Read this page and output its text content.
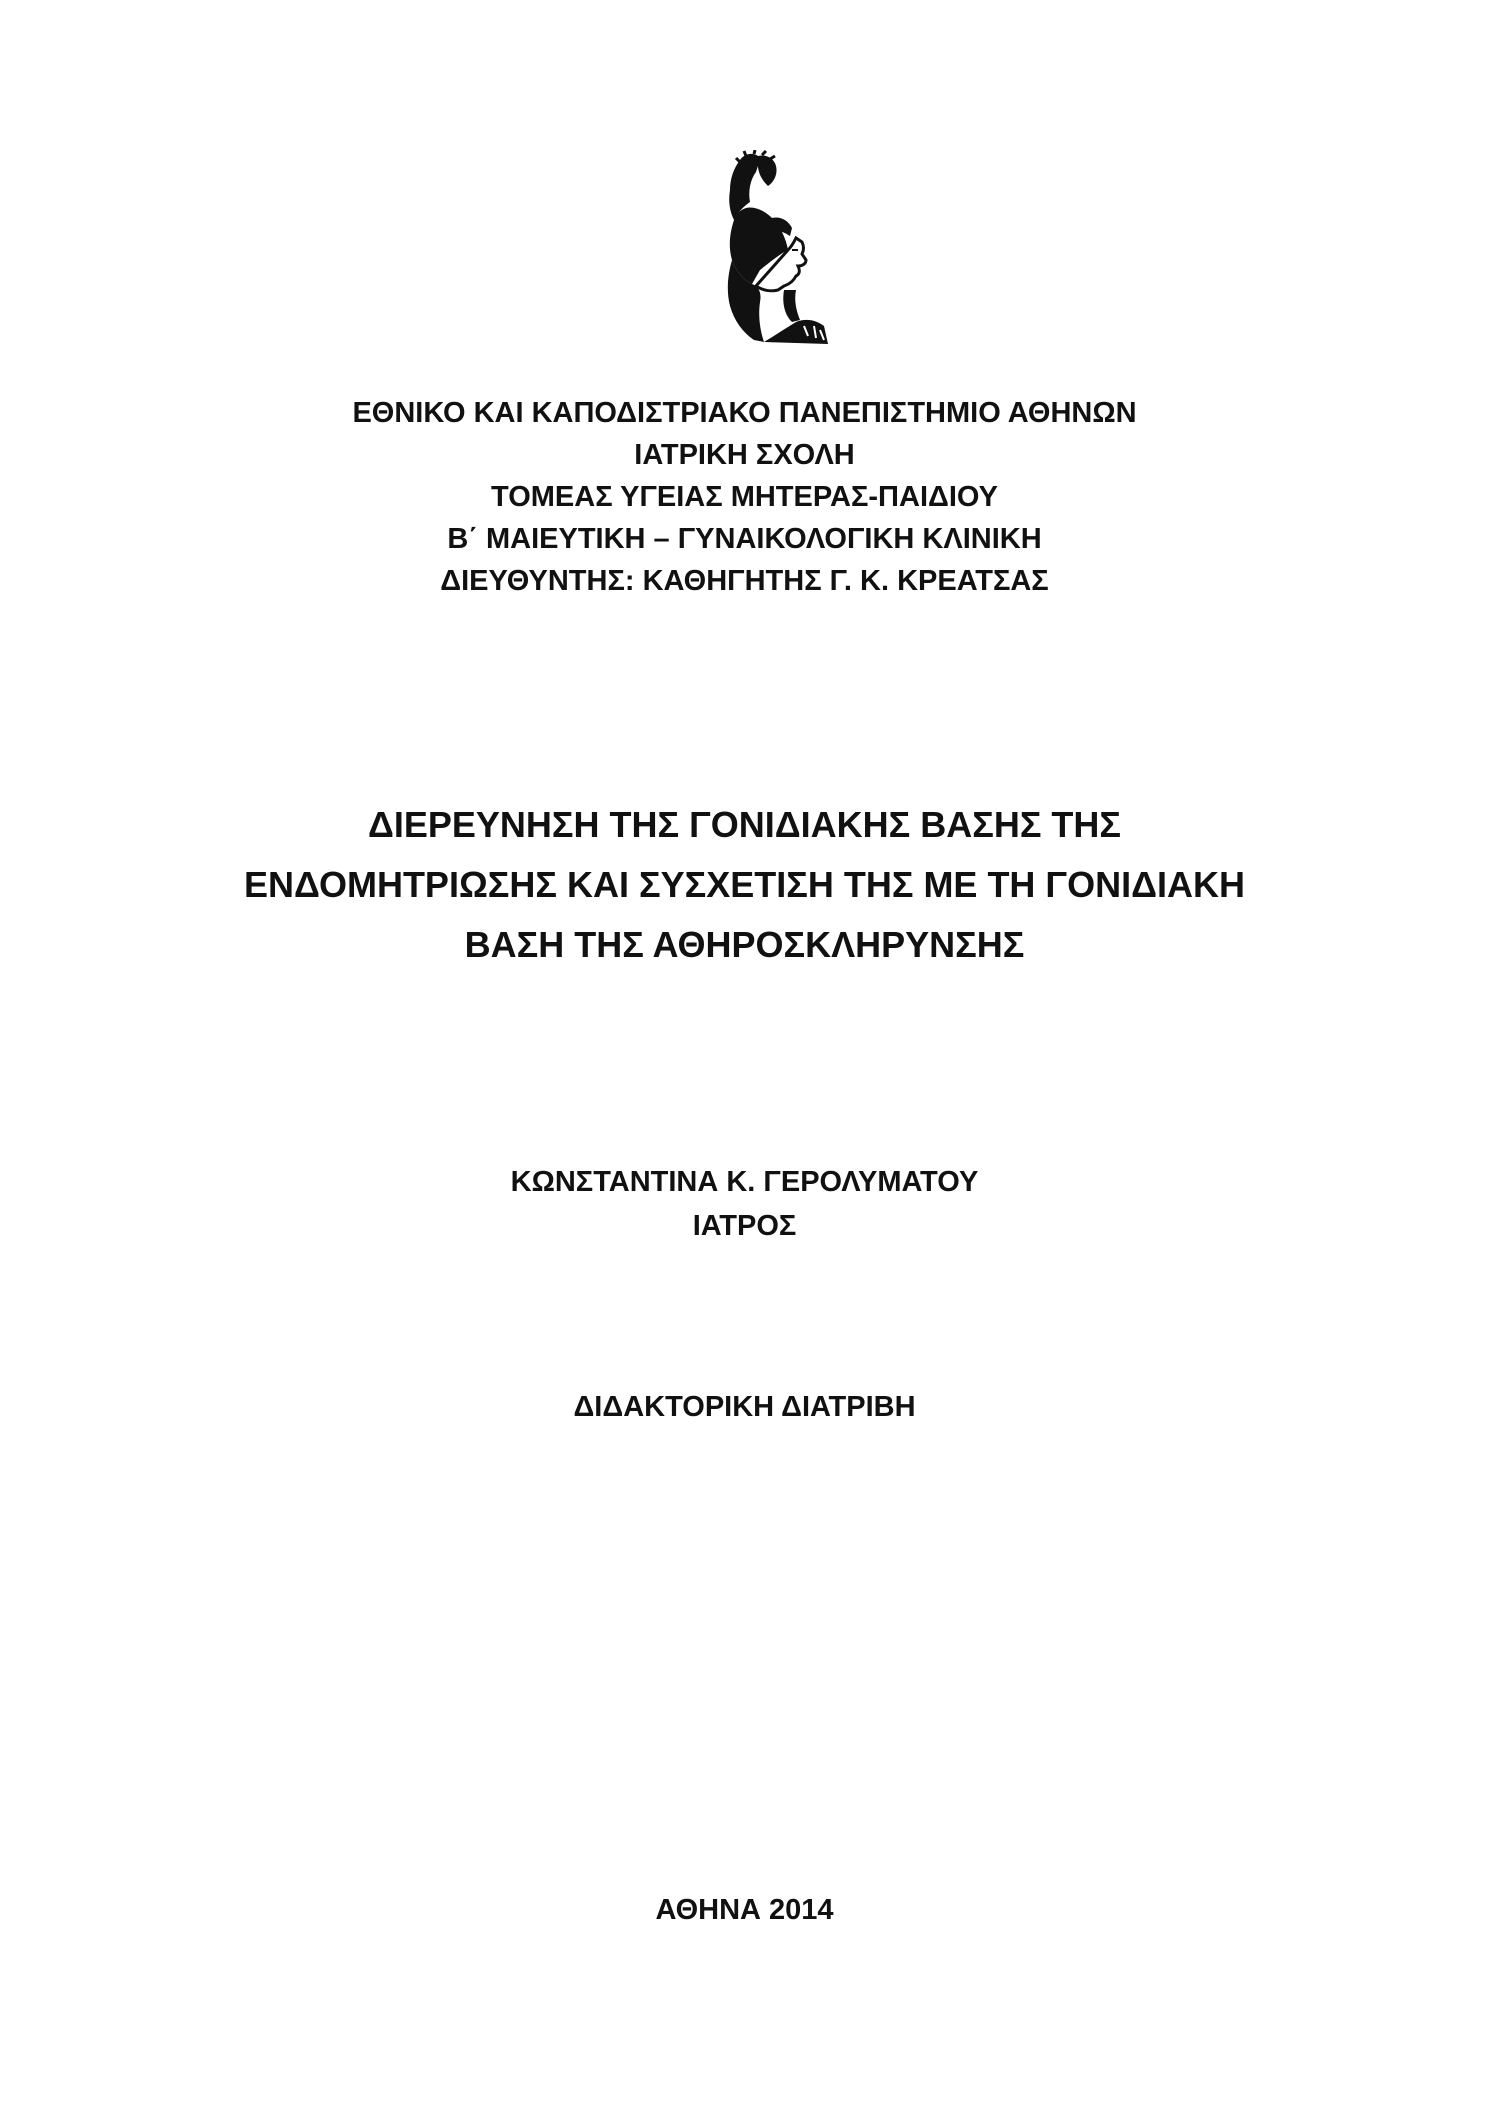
ΕΘΝΙΚΟ ΚΑΙ ΚΑΠΟΔΙΣΤΡΙΑΚΟ ΠΑΝΕΠΙΣΤΗΜΙΟ ΑΘΗΝΩΝ
ΙΑΤΡΙΚΗ ΣΧΟΛΗ
ΤΟΜΕΑΣ ΥΓΕΙΑΣ ΜΗΤΕΡΑΣ-ΠΑΙΔΙΟΥ
Β΄ ΜΑΙΕΥΤΙΚΗ – ΓΥΝΑΙΚΟΛΟΓΙΚΗ ΚΛΙΝΙΚΗ
ΔΙΕΥΘΥΝΤΗΣ: ΚΑΘΗΓΗΤΗΣ Γ. Κ. ΚΡΕΑΤΣΑΣ
ΔΙΕΡΕΥΝΗΣΗ ΤΗΣ ΓΟΝΙΔΙΑΚΗΣ ΒΑΣΗΣ ΤΗΣ
ΕΝΔΟΜΗΤΡΙΩΣΗΣ ΚΑΙ ΣΥΣΧΕΤΙΣΗ ΤΗΣ ΜΕ ΤΗ ΓΟΝΙΔΙΑΚΗ
ΒΑΣΗ ΤΗΣ ΑΘΗΡΟΣΚΛΗΡΥΝΣΗΣ
ΚΩΝΣΤΑΝΤΙΝΑ Κ. ΓΕΡΟΛΥΜΑΤΟΥ
ΙΑΤΡΟΣ
ΔΙΔΑΚΤΟΡΙΚΗ ΔΙΑΤΡΙΒΗ
ΑΘΗΝΑ 2014
